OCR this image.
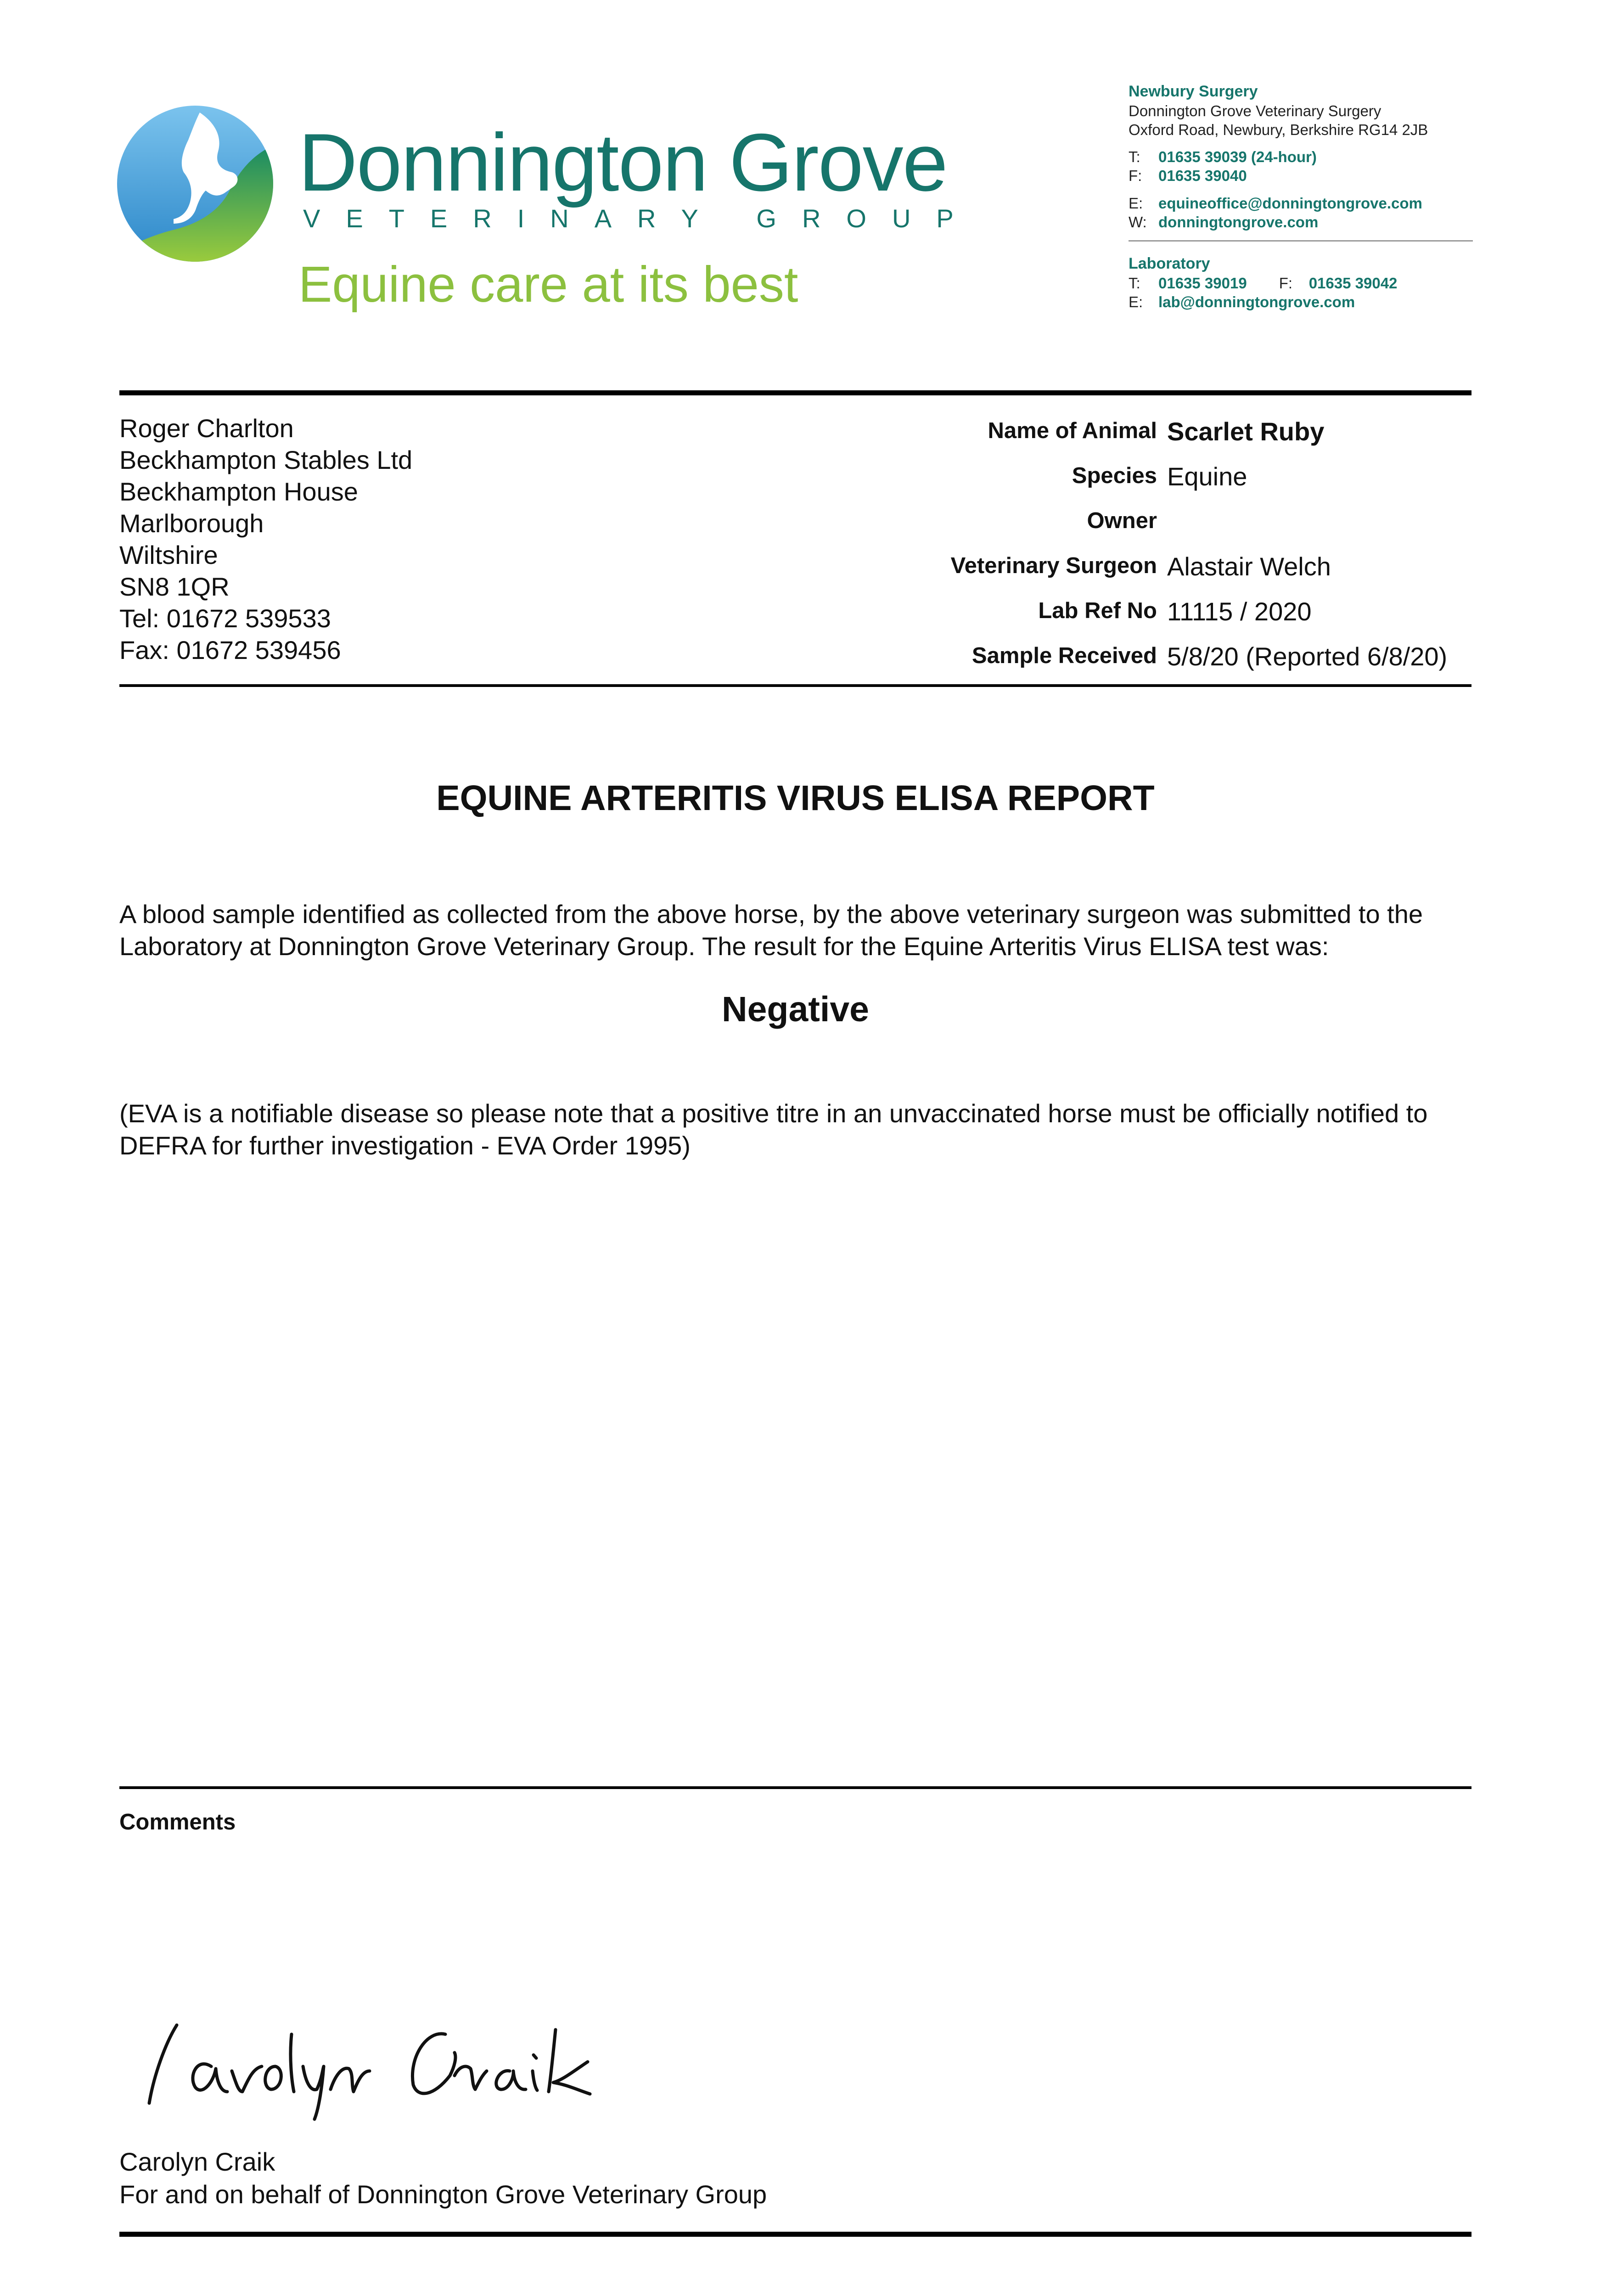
Donnington Grove
VETERINARY GROUP
Equine care at its best
Newbury Surgery
Donnington Grove Veterinary Surgery
Oxford Road, Newbury, Berkshire RG14 2JB
T:	01635 39039 (24-hour)
F:	01635 39040
E:	equineoffice@donningtongrove.com
W: donningtongrove.com
Laboratory
T:	01635 39019 F:	01635 39042
E:	lab@donningtongrove.com
Roger Charlton
Beckhampton Stables Ltd
Beckhampton House
Marlborough
Wiltshire
SN8 1QR
Tel: 01672 539533
Fax: 01672 539456
Name of Animal Scarlet Ruby
Species Equine
Owner
Veterinary Surgeon Alastair Welch
Lab Ref No 11115 / 2020
Sample Received 5/8/20 (Reported 6/8/20)
EQUINE ARTERITIS VIRUS ELISA REPORT
A blood sample identified as collected from the above horse, by the above veterinary surgeon was submitted to the Laboratory at Donnington Grove Veterinary Group. The result for the Equine Arteritis Virus ELISA test was:
Negative
(EVA is a notifiable disease so please note that a positive titre in an unvaccinated horse must be officially notified to DEFRA for further investigation - EVA Order 1995)
Comments
Carolyn Craik
For and on behalf of Donnington Grove Veterinary Group
